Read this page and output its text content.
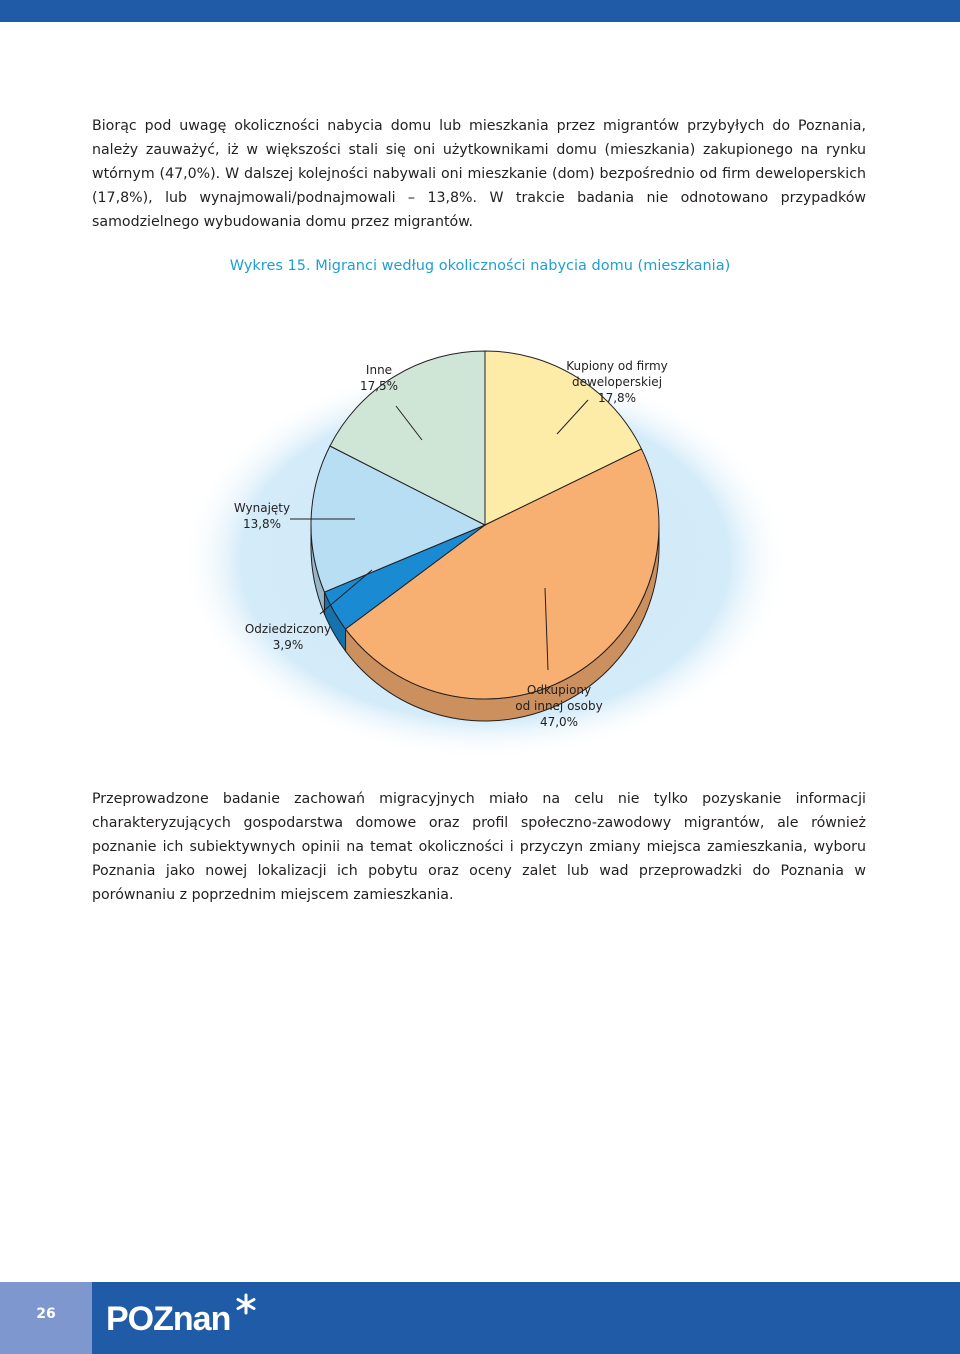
Biorąc pod uwagę okoliczności nabycia domu lub mieszkania przez migrantów przybyłych do Poznania, należy zauważyć, iż w większości stali się oni użytkownikami domu (mieszkania) zakupionego na rynku wtórnym (47,0%). W dalszej kolejności nabywali oni mieszkanie (dom) bezpośrednio od firm deweloperskich (17,8%), lub wynajmowali/podnajmowali – 13,8%. W trakcie badania nie odnotowano przypadków samodzielnego wybudowania domu przez migrantów.

Wykres 15. Migranci według okoliczności nabycia domu (mieszkania)

Kupiony od firmy deweloperskiej 17,8%
Odkupiony od innej osoby 47,0%
Odziedziczony 3,9%
Wynajęty 13,8%
Inne 17,5%

Przeprowadzone badanie zachowań migracyjnych miało na celu nie tylko pozyskanie informacji charakteryzujących gospodarstwa domowe oraz profil społeczno-zawodowy migrantów, ale również poznanie ich subiektywnych opinii na temat okoliczności i przyczyn zmiany miejsca zamieszkania, wyboru Poznania jako nowej lokalizacji ich pobytu oraz oceny zalet lub wad przeprowadzki do Poznania w porównaniu z poprzednim miejscem zamieszkania.

26	POZnan
